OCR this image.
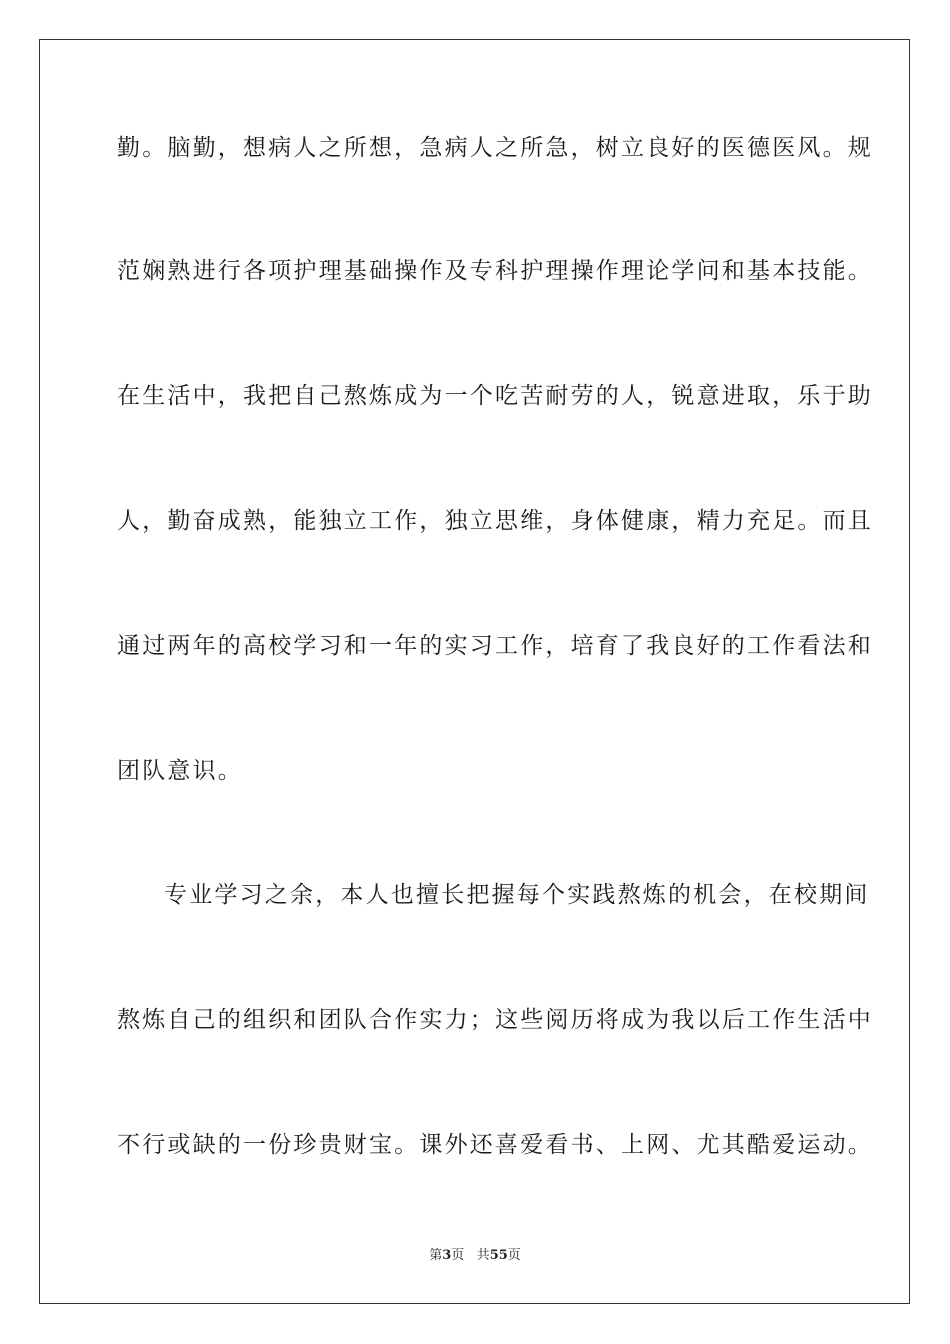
勤。脑勤，想病人之所想，急病人之所急，树立良好的医德医风。规
范娴熟进行各项护理基础操作及专科护理操作理论学问和基本技能。
在生活中，我把自己熬炼成为一个吃苦耐劳的人，锐意进取，乐于助
人，勤奋成熟，能独立工作，独立思维，身体健康，精力充足。而且
通过两年的高校学习和一年的实习工作，培育了我良好的工作看法和
团队意识。
专业学习之余，本人也擅长把握每个实践熬炼的机会，在校期间
熬炼自己的组织和团队合作实力；这些阅历将成为我以后工作生活中
不行或缺的一份珍贵财宝。课外还喜爱看书、上网、尤其酷爱运动。
第3页 共55页
